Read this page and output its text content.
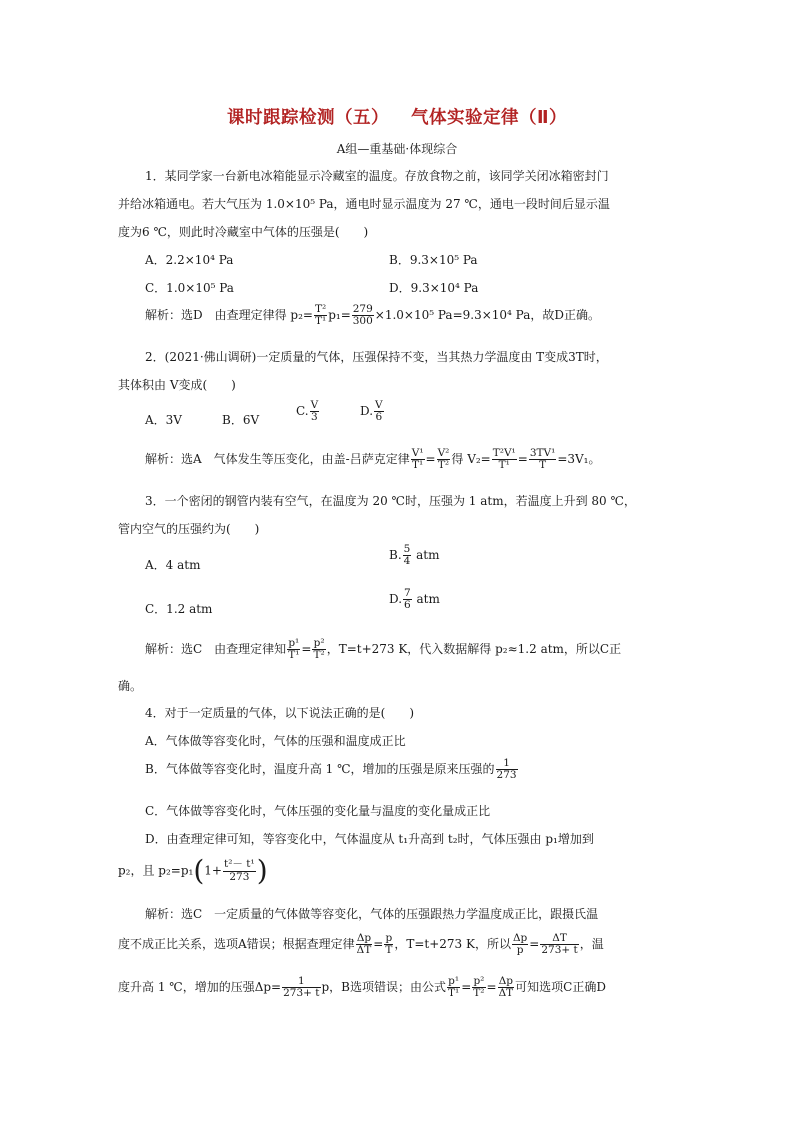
课时跟踪检测（五） 气体实验定律（Ⅱ）
A组—重基础·体现综合
1．某同学家一台新电冰箱能显示冷藏室的温度。存放食物之前，该同学关闭冰箱密封门
并给冰箱通电。若大气压为 1.0×10⁵ Pa，通电时显示温度为 27 ℃，通电一段时间后显示温
度为6 ℃，则此时冷藏室中气体的压强是(　　)
A．2.2×10⁴ Pa	B．9.3×10⁵ Pa
C．1.0×10⁵ Pa	D．9.3×10⁴ Pa
解析：选D　由查理定律得 $p_2= \frac{\text{T²}}{\text{T¹}} p_1= \frac{279}{300} \times 1.0\times 10^5$ Pa=9.3×10⁴ Pa，故D正确。
2．(2021·佛山调研)一定质量的气体，压强保持不变，当其热力学温度由 T变成3T时，
其体积由 V变成(　　)
A．3V	B．6V
C. $\frac{V}{3}$	D. $\frac{V}{6}$
解析：选A　气体发生等压变化，由盖-吕萨克定律 $\frac{\text{V¹}}{\text{T¹}} = \frac{\text{V²}}{\text{T²}}$ 得 $V_2= \frac{\text{T²V¹}}{\text{T¹}} = \frac{\text{3TV¹}}{T} =3V_1$。
3．一个密闭的钢管内装有空气，在温度为 20 ℃时，压强为 1 atm，若温度上升到 80 ℃，
管内空气的压强约为(　　)
A．4 atm
B. $\frac{5}{4}$ atm
C．1.2 atm
D. $\frac{7}{6}$ atm
解析：选C　由查理定律知 $\frac{\text{p¹}}{\text{T¹}} = \frac{\text{p²}}{\text{T²}}$ ，T=t+273 K，代入数据解得 p₂≈1.2 atm，所以C正
确。
4．对于一定质量的气体，以下说法正确的是(　　)
A．气体做等容变化时，气体的压强和温度成正比
B．气体做等容变化时，温度升高 1 ℃，增加的压强是原来压强的 $\frac{1}{273}$
C．气体做等容变化时，气体压强的变化量与温度的变化量成正比
D．由查理定律可知，等容变化中，气体温度从 t₁升高到 t₂时，气体压强由 p₁增加到
p₂，且 $p_2=p_1(1+ \frac{\text{t²－ t¹}}{273}$ )
解析：选C　一定质量的气体做等容变化，气体的压强跟热力学温度成正比，跟摄氏温
度不成正比关系，选项A错误；根据查理定律 $\frac{\Delta p}{\Delta T} = \frac{p}{T}$ ，T=t+273 K，所以 $\frac{\Delta p}{p} = \frac{\Delta T}{273+ t}$ ，温
度升高 1 ℃，增加的压强$\Delta p= \frac{1}{273+ t}$ p，B选项错误；由公式 $\frac{\text{p¹}}{\text{T¹}} = \frac{\text{p²}}{\text{T²}} = \frac{\Delta p}{\Delta T}$ 可知选项C正确D
